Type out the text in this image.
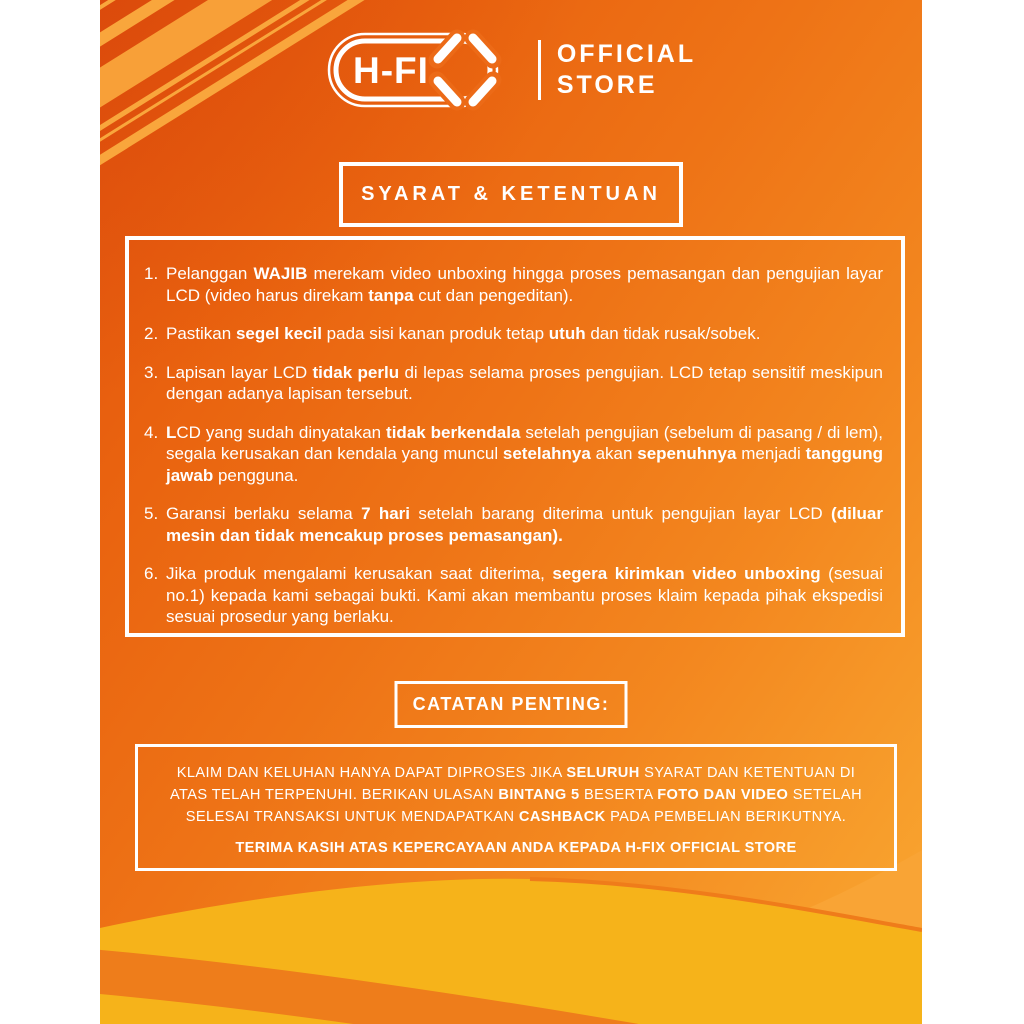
H-FI	OFFICIAL
STORE
SYARAT & KETENTUAN
1. Pelanggan WAJIB merekam video unboxing hingga proses pemasangan dan pengujian layar LCD (video harus direkam tanpa cut dan pengeditan).

2. Pastikan segel kecil pada sisi kanan produk tetap utuh dan tidak rusak/sobek.

3. Lapisan layar LCD tidak perlu di lepas selama proses pengujian. LCD tetap sensitif meskipun dengan adanya lapisan tersebut.

4. LCD yang sudah dinyatakan tidak berkendala setelah pengujian (sebelum di pasang / di lem), segala kerusakan dan kendala yang muncul setelahnya akan sepenuhnya menjadi tanggung jawab pengguna.

5. Garansi berlaku selama 7 hari setelah barang diterima untuk pengujian layar LCD (diluar mesin dan tidak mencakup proses pemasangan).

6. Jika produk mengalami kerusakan saat diterima, segera kirimkan video unboxing (sesuai no.1) kepada kami sebagai bukti. Kami akan membantu proses klaim kepada pihak ekspedisi sesuai prosedur yang berlaku.

CATATAN PENTING:

KLAIM DAN KELUHAN HANYA DAPAT DIPROSES JIKA SELURUH SYARAT DAN KETENTUAN DI ATAS TELAH TERPENUHI. BERIKAN ULASAN BINTANG 5 BESERTA FOTO DAN VIDEO SETELAH SELESAI TRANSAKSI UNTUK MENDAPATKAN CASHBACK PADA PEMBELIAN BERIKUTNYA.

TERIMA KASIH ATAS KEPERCAYAAN ANDA KEPADA H-FIX OFFICIAL STORE
